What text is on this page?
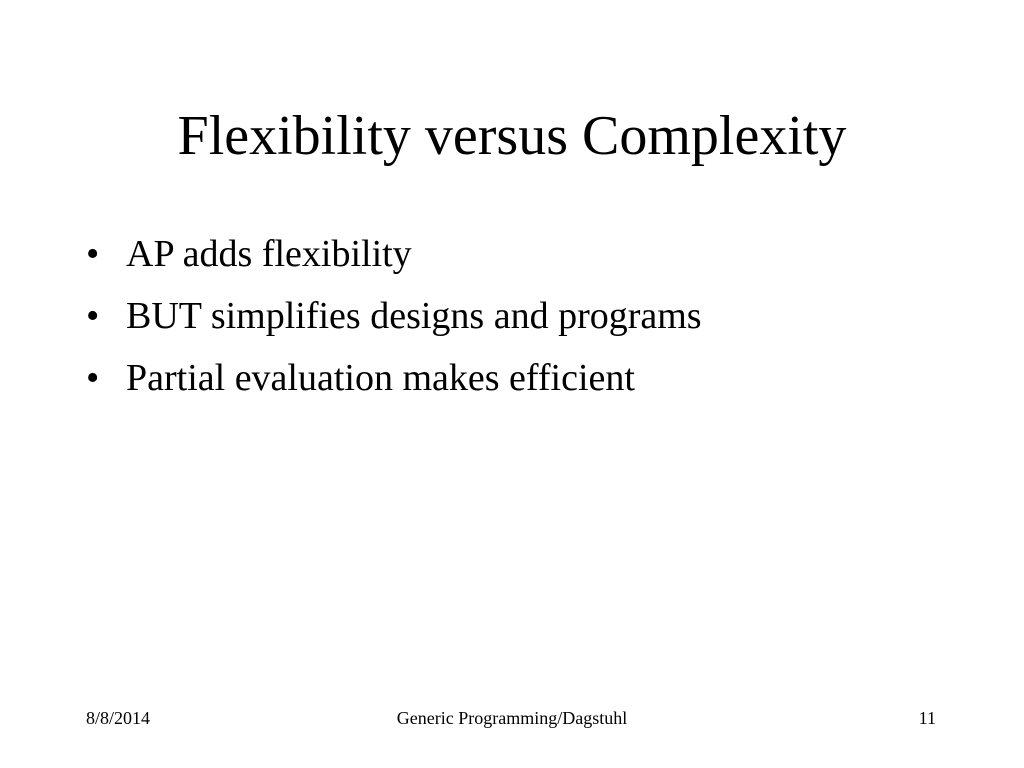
Flexibility versus Complexity
• AP adds flexibility
• BUT simplifies designs and programs
• Partial evaluation makes efficient
8/8/2014	Generic Programming/Dagstuhl	11
